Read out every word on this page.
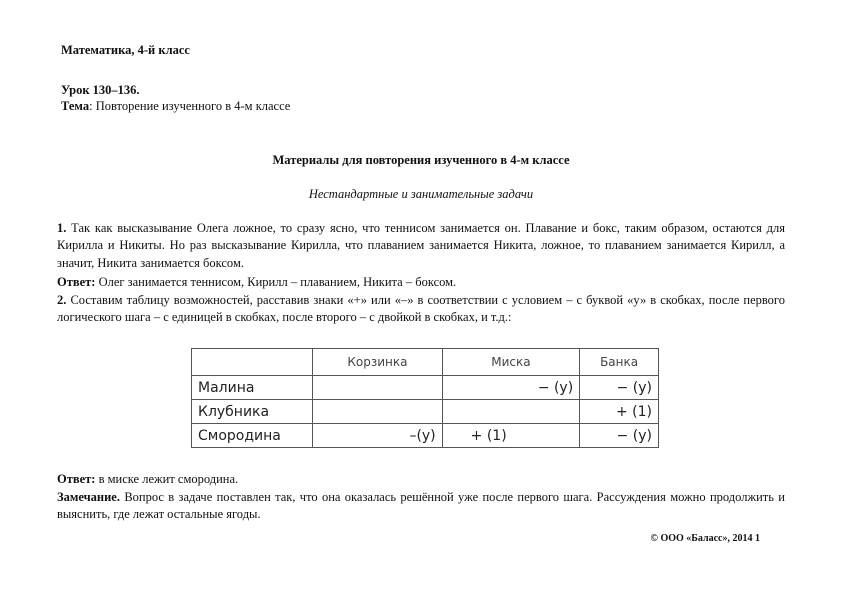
Математика, 4-й класс
Урок 130–136.
Тема: Повторение изученного в 4-м классе
Материалы для повторения изученного в 4-м классе
Нестандартные и занимательные задачи
1. Так как высказывание Олега ложное, то сразу ясно, что теннисом занимается он. Плавание и бокс, таким образом, остаются для Кирилла и Никиты. Но раз высказывание Кирилла, что плаванием занимается Никита, ложное, то плаванием занимается Кирилл, а значит, Никита занимается боксом.
Ответ: Олег занимается теннисом, Кирилл – плаванием, Никита – боксом.
2. Составим таблицу возможностей, расставив знаки «+» или «–» в соответствии с условием – с буквой «у» в скобках, после первого логического шага – с единицей в скобках, после второго – с двойкой в скобках, и т.д.:
	Корзинка	Миска	Банка
Малина		− (у)	− (у)
Клубника			+ (1)
Смородина	–(у)	+ (1)	− (у)
Ответ: в миске лежит смородина.
Замечание. Вопрос в задаче поставлен так, что она оказалась решённой уже после первого шага. Рассуждения можно продолжить и выяснить, где лежат остальные ягоды.
© ООО «Баласс», 2014 1
